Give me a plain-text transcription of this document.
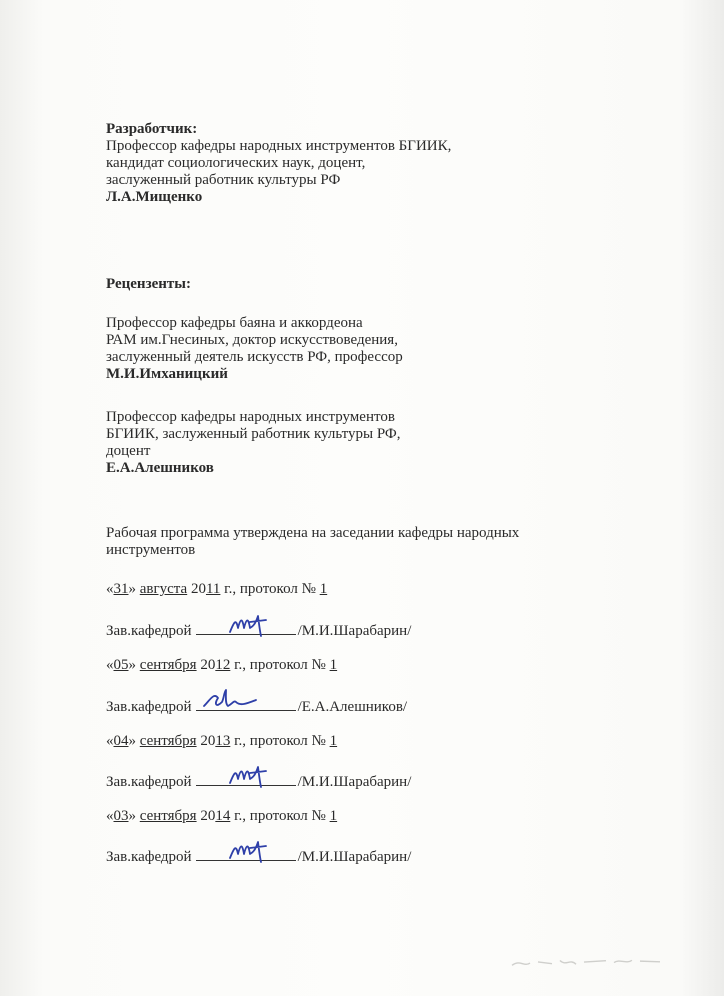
Разработчик:
Профессор кафедры народных инструментов БГИИК,
кандидат социологических наук, доцент,
заслуженный работник культуры РФ
Л.А.Мищенко
Рецензенты:
Профессор кафедры баяна и аккордеона
РАМ им.Гнесиных, доктор искусствоведения,
заслуженный деятель искусств РФ, профессор
М.И.Имханицкий
Профессор кафедры народных инструментов
БГИИК, заслуженный работник культуры РФ,
доцент
Е.А.Алешников
Рабочая программа утверждена на заседании кафедры народных
инструментов
«31» августа 2011 г., протокол № 1
Зав.кафедрой	/М.И.Шарабарин/
«05» сентября 2012 г., протокол № 1
Зав.кафедрой	/Е.А.Алешников/
«04» сентября 2013 г., протокол № 1
Зав.кафедрой	/М.И.Шарабарин/
«03» сентября 2014 г., протокол № 1
Зав.кафедрой	/М.И.Шарабарин/
